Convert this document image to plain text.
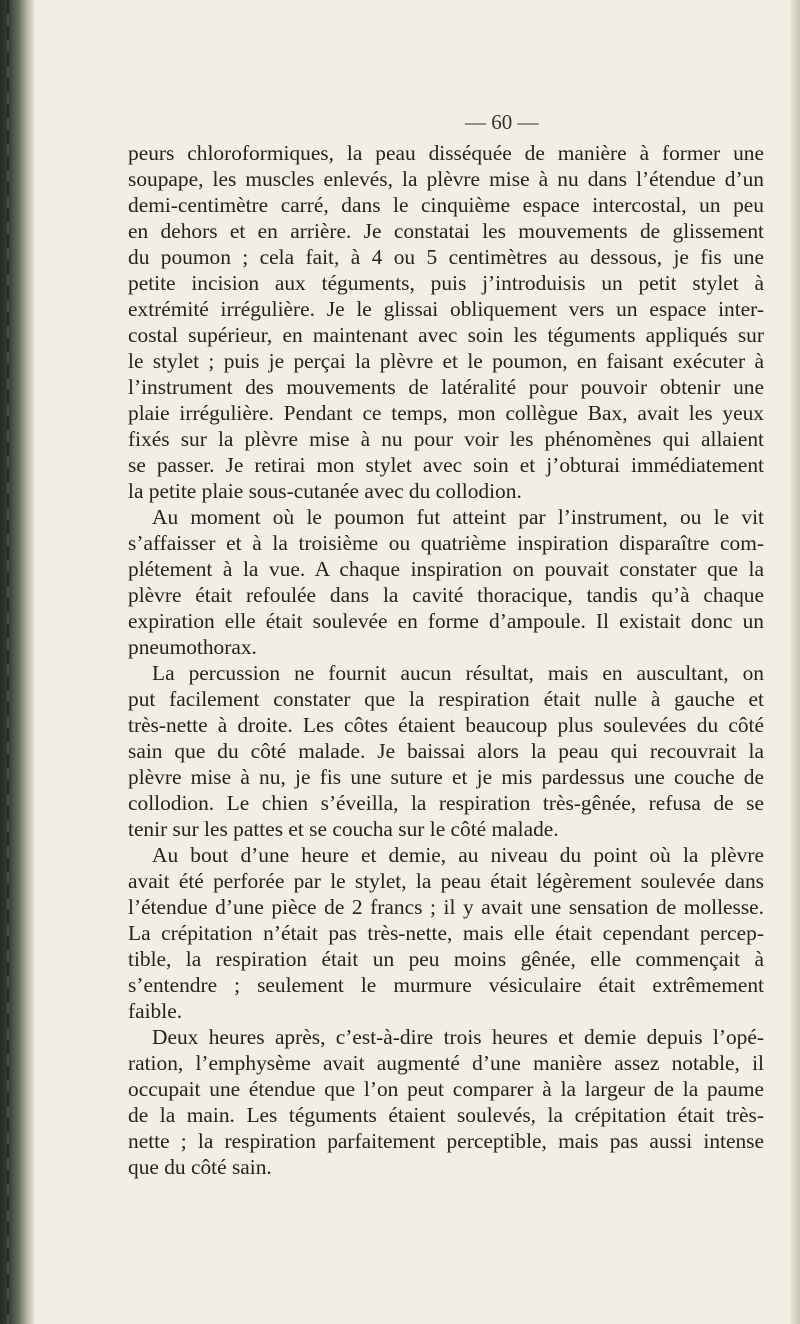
— 60 —
peurs chloroformiques, la peau disséquée de manière à former une
soupape, les muscles enlevés, la plèvre mise à nu dans l’étendue d’un
demi-centimètre carré, dans le cinquième espace intercostal, un peu
en dehors et en arrière. Je constatai les mouvements de glissement
du poumon ; cela fait, à 4 ou 5 centimètres au dessous, je fis une
petite incision aux téguments, puis j’introduisis un petit stylet à
extrémité irrégulière. Je le glissai obliquement vers un espace inter-
costal supérieur, en maintenant avec soin les téguments appliqués sur
le stylet ; puis je perçai la plèvre et le poumon, en faisant exécuter à
l’instrument des mouvements de latéralité pour pouvoir obtenir une
plaie irrégulière. Pendant ce temps, mon collègue Bax, avait les yeux
fixés sur la plèvre mise à nu pour voir les phénomènes qui allaient
se passer. Je retirai mon stylet avec soin et j’obturai immédiatement
la petite plaie sous-cutanée avec du collodion.
Au moment où le poumon fut atteint par l’instrument, ou le vit
s’affaisser et à la troisième ou quatrième inspiration disparaître com-
plétement à la vue. A chaque inspiration on pouvait constater que la
plèvre était refoulée dans la cavité thoracique, tandis qu’à chaque
expiration elle était soulevée en forme d’ampoule. Il existait donc un
pneumothorax.
La percussion ne fournit aucun résultat, mais en auscultant, on
put facilement constater que la respiration était nulle à gauche et
très-nette à droite. Les côtes étaient beaucoup plus soulevées du côté
sain que du côté malade. Je baissai alors la peau qui recouvrait la
plèvre mise à nu, je fis une suture et je mis pardessus une couche de
collodion. Le chien s’éveilla, la respiration très-gênée, refusa de se
tenir sur les pattes et se coucha sur le côté malade.
Au bout d’une heure et demie, au niveau du point où la plèvre
avait été perforée par le stylet, la peau était légèrement soulevée dans
l’étendue d’une pièce de 2 francs ; il y avait une sensation de mollesse.
La crépitation n’était pas très-nette, mais elle était cependant percep-
tible, la respiration était un peu moins gênée, elle commençait à
s’entendre ; seulement le murmure vésiculaire était extrêmement
faible.
Deux heures après, c’est-à-dire trois heures et demie depuis l’opé-
ration, l’emphysème avait augmenté d’une manière assez notable, il
occupait une étendue que l’on peut comparer à la largeur de la paume
de la main. Les téguments étaient soulevés, la crépitation était très-
nette ; la respiration parfaitement perceptible, mais pas aussi intense
que du côté sain.
